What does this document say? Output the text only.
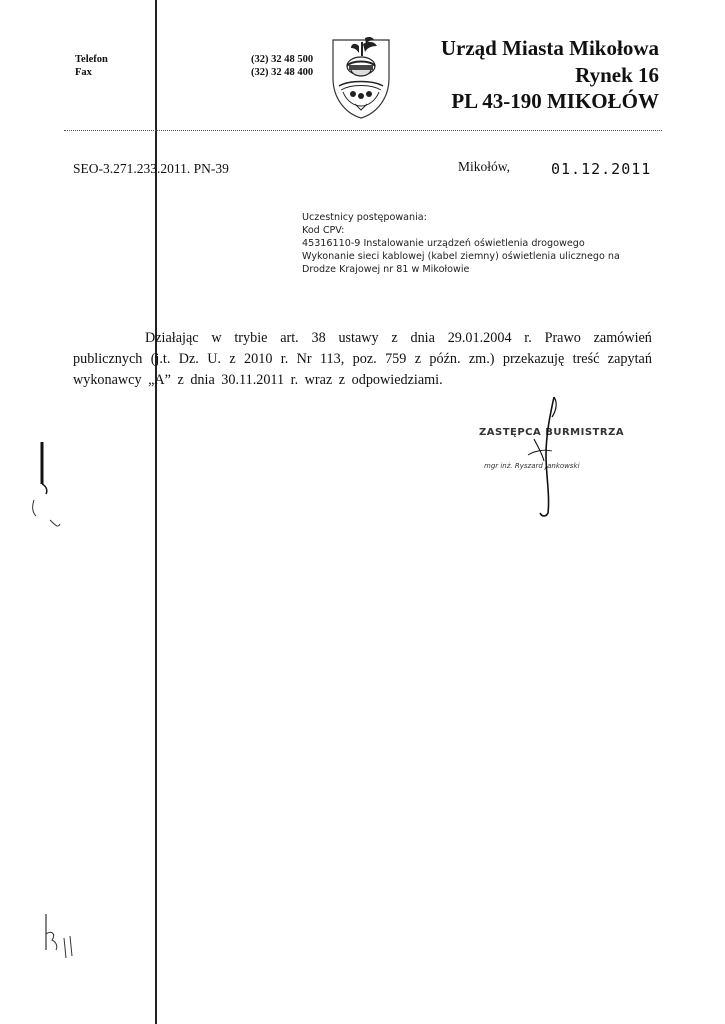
Telefon
Fax
(32) 32 48 500
(32) 32 48 400
Urząd Miasta Mikołowa
Rynek 16
PL 43-190 MIKOŁÓW
SEO-3.271.233.2011. PN-39	Mikołów,	01.12.2011
Uczestnicy postępowania:
Kod CPV:
45316110-9 Instalowanie urządzeń oświetlenia drogowego
Wykonanie sieci kablowej (kabel ziemny) oświetlenia ulicznego na
Drodze Krajowej nr 81 w Mikołowie
Działając w trybie art. 38 ustawy z dnia 29.01.2004 r. Prawo zamówień
publicznych (j.t. Dz. U. z 2010 r. Nr 113, poz. 759 z późn. zm.) przekazuję treść zapytań
wykonawcy „A” z dnia 30.11.2011 r. wraz z odpowiedziami.
ZASTĘPCA BURMISTRZA
mgr inż. Ryszard Jankowski
